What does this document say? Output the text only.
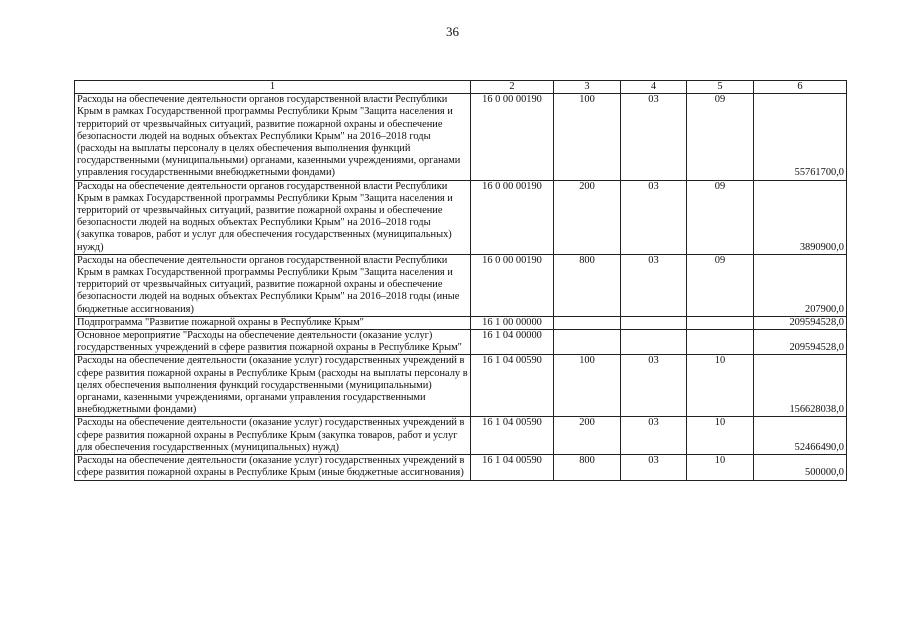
36
1	2	3	4	5	6
Расходы на обеспечение деятельности органов государственной власти Республики Крым в рамках Государственной программы Республики Крым "Защита населения и территорий от чрезвычайных ситуаций, развитие пожарной охраны и обеспечение безопасности людей на водных объектах Республики Крым" на 2016–2018 годы (расходы на выплаты персоналу в целях обеспечения выполнения функций государственными (муниципальными) органами, казенными учреждениями, органами управления государственными внебюджетными фондами)	16 0 00 00190	100	03	09	55761700,0
Расходы на обеспечение деятельности органов государственной власти Республики Крым в рамках Государственной программы Республики Крым "Защита населения и территорий от чрезвычайных ситуаций, развитие пожарной охраны и обеспечение безопасности людей на водных объектах Республики Крым" на 2016–2018 годы (закупка товаров, работ и услуг для обеспечения государственных (муниципальных) нужд)	16 0 00 00190	200	03	09	3890900,0
Расходы на обеспечение деятельности органов государственной власти Республики Крым в рамках Государственной программы Республики Крым "Защита населения и территорий от чрезвычайных ситуаций, развитие пожарной охраны и обеспечение безопасности людей на водных объектах Республики Крым" на 2016–2018 годы (иные бюджетные ассигнования)	16 0 00 00190	800	03	09	207900,0
Подпрограмма "Развитие пожарной охраны в Республике Крым"	16 1 00 00000				209594528,0
Основное мероприятие "Расходы на обеспечение деятельности (оказание услуг) государственных учреждений в сфере развития пожарной охраны в Республике Крым"	16 1 04 00000				209594528,0
Расходы на обеспечение деятельности (оказание услуг) государственных учреждений в сфере развития пожарной охраны в Республике Крым (расходы на выплаты персоналу в целях обеспечения выполнения функций государственными (муниципальными) органами, казенными учреждениями, органами управления государственными внебюджетными фондами)	16 1 04 00590	100	03	10	156628038,0
Расходы на обеспечение деятельности (оказание услуг) государственных учреждений в сфере развития пожарной охраны в Республике Крым (закупка товаров, работ и услуг для обеспечения государственных (муниципальных) нужд)	16 1 04 00590	200	03	10	52466490,0
Расходы на обеспечение деятельности (оказание услуг) государственных учреждений в сфере развития пожарной охраны в Республике Крым (иные бюджетные ассигнования)	16 1 04 00590	800	03	10	500000,0
